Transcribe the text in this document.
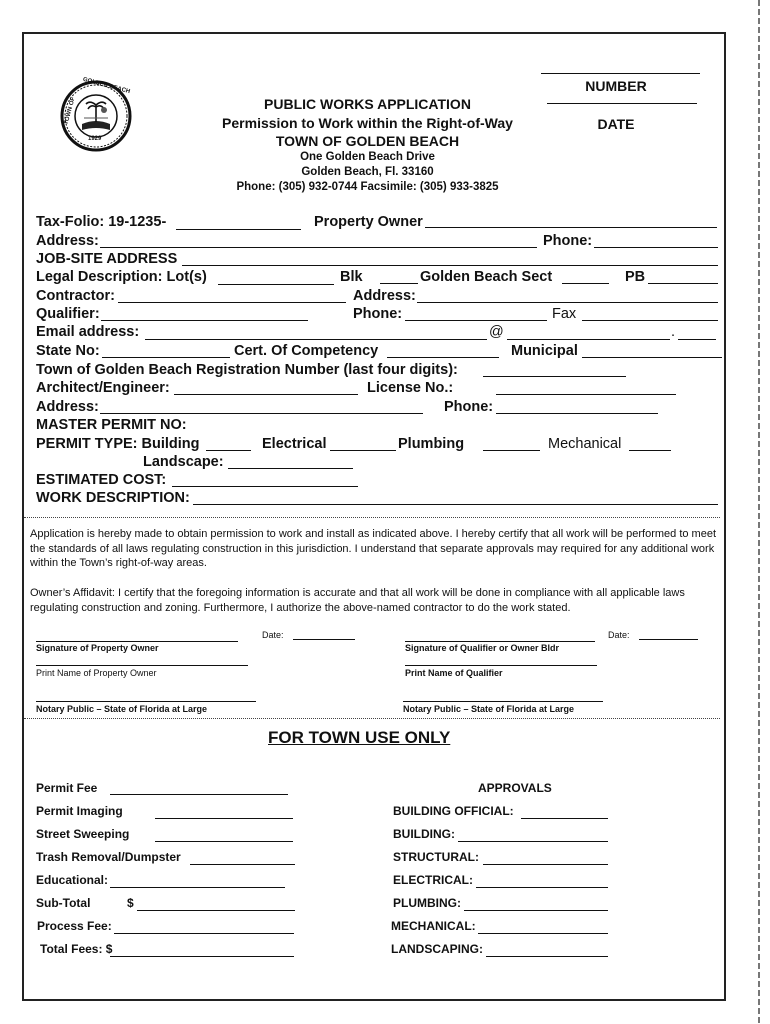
GOLDEN BEACH
TOWN OF
1929
NUMBER
DATE
PUBLIC WORKS APPLICATION
Permission to Work within the Right-of-Way
TOWN OF GOLDEN BEACH
One Golden Beach Drive
Golden Beach, Fl. 33160
Phone: (305) 932-0744 Facsimile: (305) 933-3825
Tax-Folio: 19-1235-	Property Owner
Address:	Phone:
JOB-SITE ADDRESS
Legal Description: Lot(s)	Blk	Golden Beach Sect	PB
Contractor:	Address:
Qualifier:	Phone:	Fax
Email address:	@	.
State No:	Cert. Of Competency	Municipal
Town of Golden Beach Registration Number (last four digits):
Architect/Engineer:	License No.:
Address:	Phone:
MASTER PERMIT NO:
PERMIT TYPE: Building	Electrical	Plumbing	Mechanical
Landscape:
ESTIMATED COST:
WORK DESCRIPTION:
Application is hereby made to obtain permission to work and install as indicated above. I hereby certify that all work will be performed to meet the standards of all laws regulating construction in this jurisdiction. I understand that separate approvals may required for any additional work within the Town’s right-of-way areas.
Owner’s Affidavit: I certify that the foregoing information is accurate and that all work will be done in compliance with all applicable laws regulating construction and zoning. Furthermore, I authorize the above-named contractor to do the work stated.
Signature of Property Owner
Date:
Signature of Qualifier or Owner Bldr
Date:
Print Name of Property Owner	Print Name of Qualifier
Notary Public – State of Florida at Large	Notary Public – State of Florida at Large
FOR TOWN USE ONLY
Permit Fee
Permit Imaging
Street Sweeping
Trash Removal/Dumpster
Educational:
Sub-Total	$
Process Fee:
Total Fees: $
APPROVALS
BUILDING OFFICIAL:
BUILDING:
STRUCTURAL:
ELECTRICAL:
PLUMBING:
MECHANICAL:
LANDSCAPING:
